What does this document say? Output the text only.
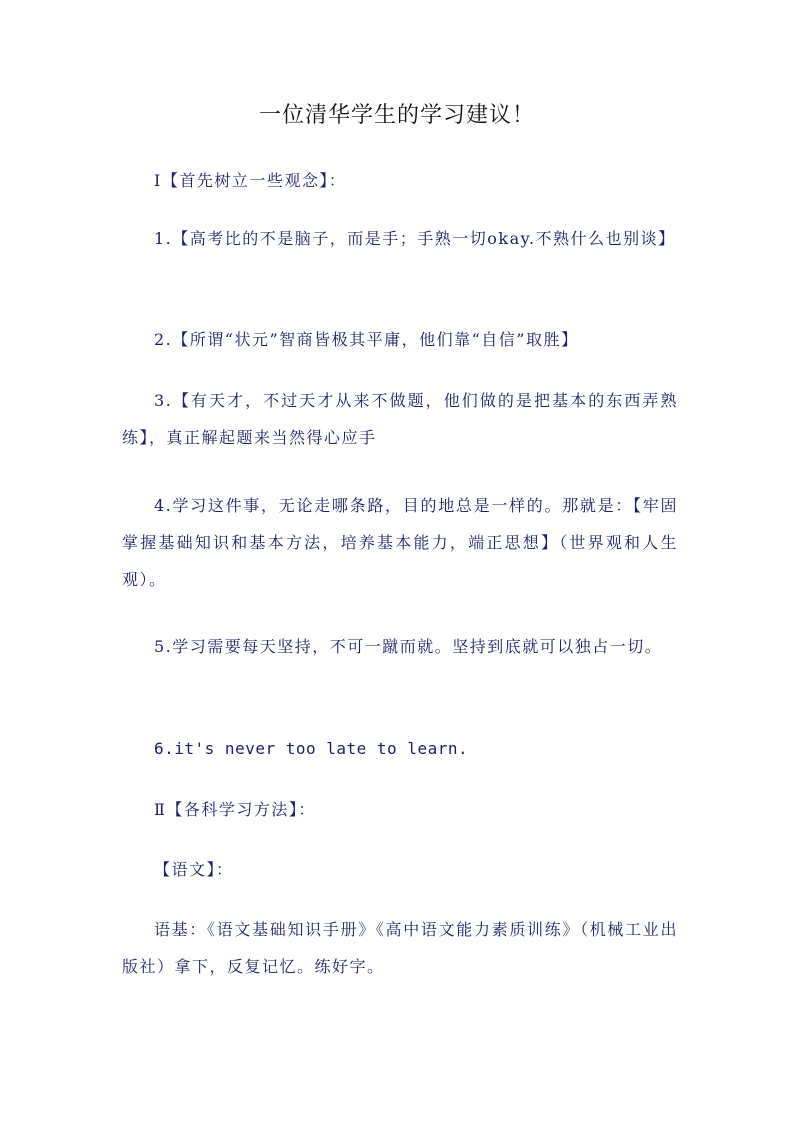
一位清华学生的学习建议！
Ⅰ【首先树立一些观念】：
1.【高考比的不是脑子，而是手；手熟一切okay.不熟什么也别谈】
2.【所谓“状元”智商皆极其平庸，他们靠“自信”取胜】
3.【有天才，不过天才从来不做题，他们做的是把基本的东西弄熟练】，真正解起题来当然得心应手
4.学习这件事，无论走哪条路，目的地总是一样的。那就是：【牢固掌握基础知识和基本方法，培养基本能力，端正思想】（世界观和人生观）。
5.学习需要每天坚持，不可一蹴而就。坚持到底就可以独占一切。
6.it's never too late to learn.
Ⅱ【各科学习方法】：
【语文】：
语基：《语文基础知识手册》《高中语文能力素质训练》（机械工业出版社）拿下，反复记忆。练好字。
